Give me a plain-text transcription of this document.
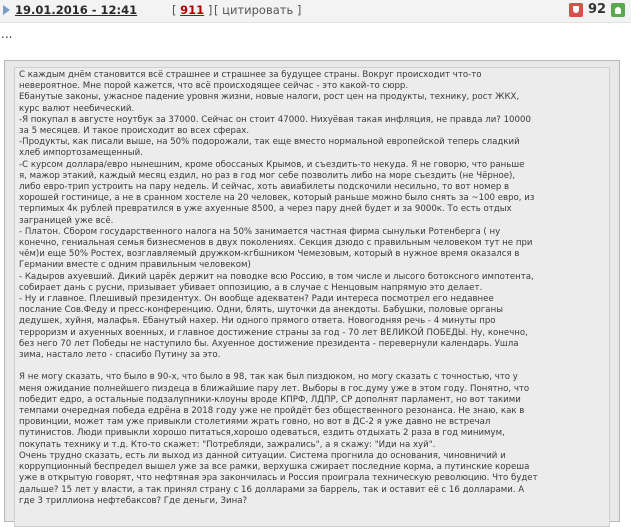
19.01.2016 - 12:41	[ 911 ] [ цитировать ]	92
...

С каждым днём становится всё страшнее и страшнее за будущее страны. Вокруг происходит что-то

невероятное. Мне порой кажется, что всё происходящее сейчас - это какой-то сюрр.

Ебанутые законы, ужасное падение уровня жизни, новые налоги, рост цен на продукты, технику, рост ЖКХ,

курс валют неебический.

-Я покупал в августе ноутбук за 37000. Сейчас он стоит 47000. Нихуёвая такая инфляция, не правда ли? 10000

за 5 месяцев. И такое происходит во всех сферах.

-Продукты, как писали выше, на 50% подорожали, так еще вместо нормальной европейской теперь сладкий

хлеб импортозамещенный.

-С курсом доллара/евро нынешним, кроме обоссаных Крымов, и съездить-то некуда. Я не говорю, что раньше

я, мажор этакий, каждый месяц ездил, но раз в год мог себе позволить либо на море съездить (не Чёрное),

либо евро-трип устроить на пару недель. И сейчас, хоть авиабилеты подскочили несильно, то вот номер в

хорошей гостинице, а не в сранном хостеле на 20 человек, который раньше можно было снять за ~100 евро, из

терпимых 4к рублей превратился в уже ахуенные 8500, а через пару дней будет и за 9000к. То есть отдых

заграницей уже всё.

- Платон. Сбором государственного налога на 50% занимается частная фирма сынульки Ротенберга ( ну

конечно, гениальная семья бизнесменов в двух поколениях. Секция дзюдо с правильным человеком тут не при

чём)и еще 50% Ростех, возглавляемый дружком-кгбшником Чемезовым, который в нужное время оказался в

Германии вместе с одним правильным человеком)

- Кадыров ахуевший. Дикий царёк держит на поводке всю Россию, в том числе и лысого ботоксного импотента,

собирает дань с русни, призывает убивает оппозицию, а в случае с Ненцовым напрямую это делает.

- Ну и главное. Плешивый президентух. Он вообще адекватен? Ради интереса посмотрел его недавнее

послание Сов.Феду и пресс-конференцию. Одни, блять, шуточки да анекдоты. Бабушки, половые органы

дедушек, хуйня, малафья. Ебанутый нахер. Ни одного прямого ответа. Новогодняя речь - 4 минуты про

терроризм и ахуенных военных, и главное достижение страны за год - 70 лет ВЕЛИКОЙ ПОБЕДЫ. Ну, конечно,

без него 70 лет Победы не наступило бы. Ахуенное достижение президента - перевернули календарь. Ушла

зима, настало лето - спасибо Путину за это.

Я не могу сказать, что было в 90-х, что было в 98, так как был пиздюком, но могу сказать с точностью, что у

меня ожидание полнейшего пиздеца в ближайшие пару лет. Выборы в гос.думу уже в этом году. Понятно, что

победит едро, а остальные подзалупники-клоуны вроде КПРФ, ЛДПР, СР дополнят парламент, но вот такими

темпами очередная победа едрёна в 2018 году уже не пройдёт без общественного резонанса. Не знаю, как в

провинции, может там уже привыкли столетиями жрать говно, но вот в ДС-2 я уже давно не встречал

путинистов. Люди привыкли хорошо питаться,хорошо одеваться, ездить отдыхать 2 раза в год минимум,

покупать технику и т.д. Кто-то скажет: "Потребляди, зажрались", а я скажу: "Иди на хуй".

Очень трудно сказать, есть ли выход из данной ситуации. Система прогнила до основания, чиновничий и

коррупционный беспредел вышел уже за все рамки, верхушка сжирает последние корма, а путинские кореша

уже в открытую говорят, что нефтяная эра закончилась и Россия проиграла техническую революцию. Что будет

дальше? 15 лет у власти, а так принял страну с 16 долларами за баррель, так и оставит её с 16 долларами. А

где 3 триллиона нефтебаксов? Где деньги, Зина?
